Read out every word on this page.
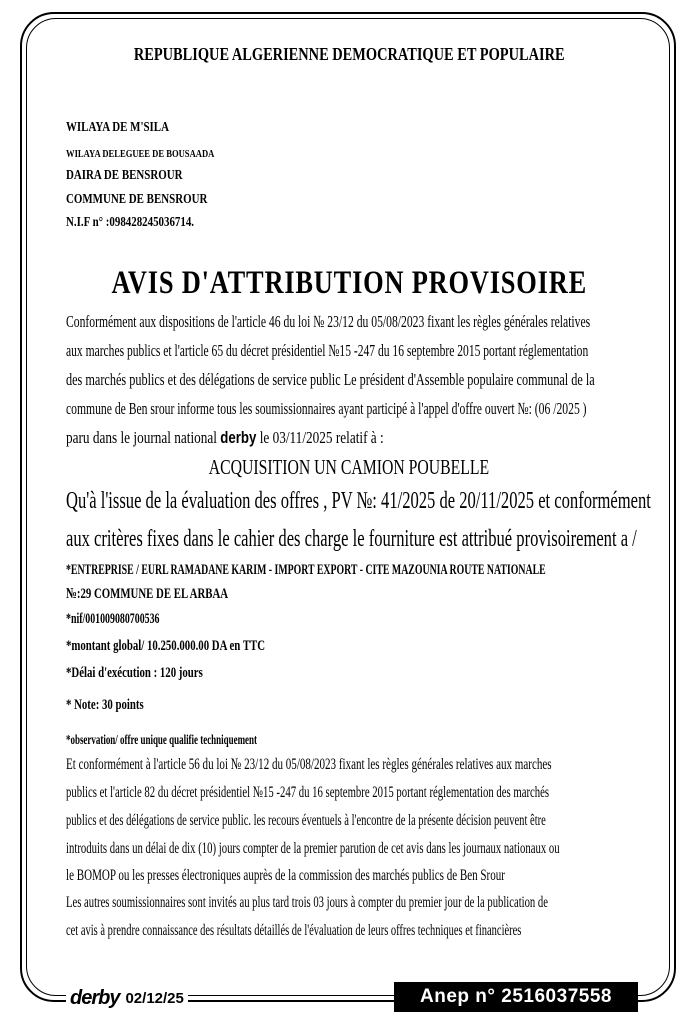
REPUBLIQUE ALGERIENNE DEMOCRATIQUE ET POPULAIRE
WILAYA DE M'SILA
WILAYA DELEGUEE DE BOUSAADA
DAIRA DE BENSROUR
COMMUNE DE BENSROUR
N.I.F n° :098428245036714.
AVIS D'ATTRIBUTION PROVISOIRE
Conformément aux dispositions de l'article 46 du loi № 23/12 du 05/08/2023 fixant les règles générales relatives
aux marches publics et l'article 65 du décret présidentiel №15 -247 du 16 septembre 2015 portant réglementation
des marchés publics et des délégations de service public Le président d'Assemble populaire communal de la
commune de Ben srour informe tous les soumissionnaires ayant participé à l'appel d'offre ouvert №: (06 /2025 )
paru dans le journal national derby le 03/11/2025 relatif à :
ACQUISITION UN CAMION POUBELLE
Qu'à l'issue de la évaluation des offres , PV №: 41/2025 de 20/11/2025 et conformément
aux critères fixes dans le cahier des charge le fourniture est attribué provisoirement a /
*ENTREPRISE / EURL RAMADANE KARIM - IMPORT EXPORT - CITE MAZOUNIA ROUTE NATIONALE
№:29 COMMUNE DE EL ARBAA
*nif/001009080700536
*montant global/ 10.250.000.00 DA en TTC
*Délai d'exécution : 120 jours
* Note: 30 points
*observation/ offre unique qualifie techniquement
Et conformément à l'article 56 du loi № 23/12 du 05/08/2023 fixant les règles générales relatives aux marches
publics et l'article 82 du décret présidentiel №15 -247 du 16 septembre 2015 portant réglementation des marchés
publics et des délégations de service public. les recours éventuels à l'encontre de la présente décision peuvent être
introduits dans un délai de dix (10) jours compter de la premier parution de cet avis dans les journaux nationaux ou
le BOMOP ou les presses électroniques auprès de la commission des marchés publics de Ben Srour
Les autres soumissionnaires sont invités au plus tard trois 03 jours à compter du premier jour de la publication de
cet avis à prendre connaissance des résultats détaillés de l'évaluation de leurs offres techniques et financières
derby 02/12/25	Anep n° 2516037558
